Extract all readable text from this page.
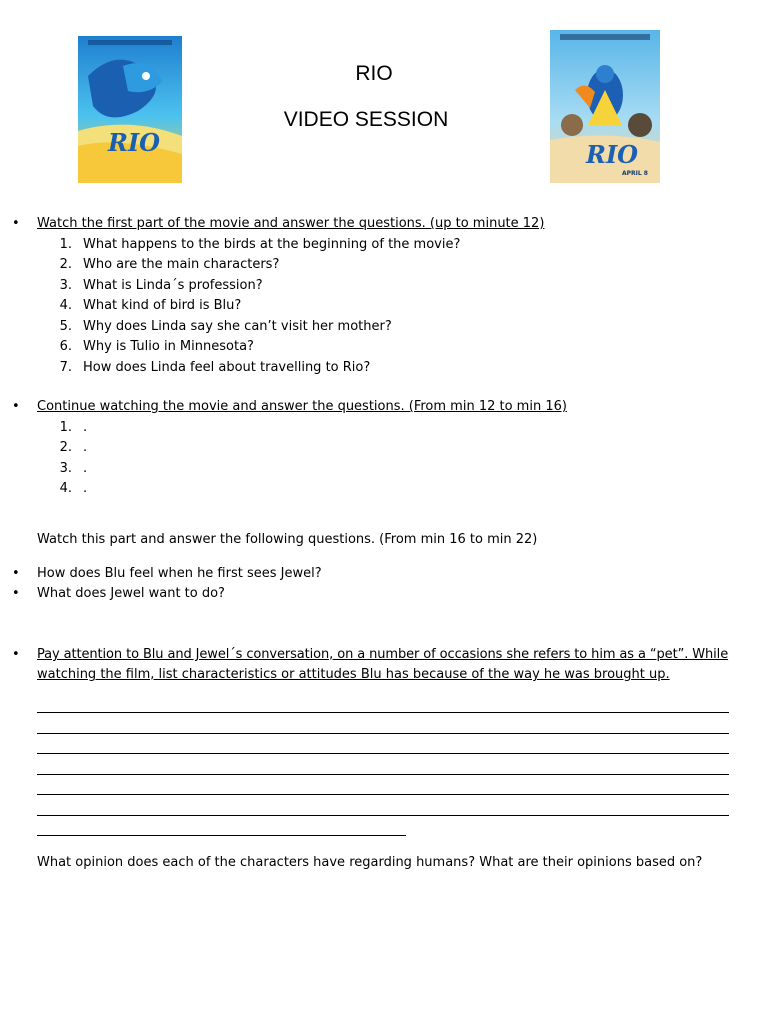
RIO	RIO
APRIL 8
RIO
VIDEO SESSION
• Watch the first part of the movie and answer the questions. (up to minute 12)
1. What happens to the birds at the beginning of the movie?
2. Who are the main characters?
3. What is Linda´s profession?
4. What kind of bird is Blu?
5. Why does Linda say she can’t visit her mother?
6. Why is Tulio in Minnesota?
7. How does Linda feel about travelling to Rio?
• Continue watching the movie and answer the questions. (From min 12 to min 16)
1. .
2. .
3. .
4. .
Watch this part and answer the following questions. (From min 16 to min 22)
• How does Blu feel when he first sees Jewel?
• What does Jewel want to do?
• Pay attention to Blu and Jewel´s conversation, on a number of occasions she refers to him as a “pet”. While
watching the film, list characteristics or attitudes Blu has because of the way he was brought up.
What opinion does each of the characters have regarding humans? What are their opinions based on?
